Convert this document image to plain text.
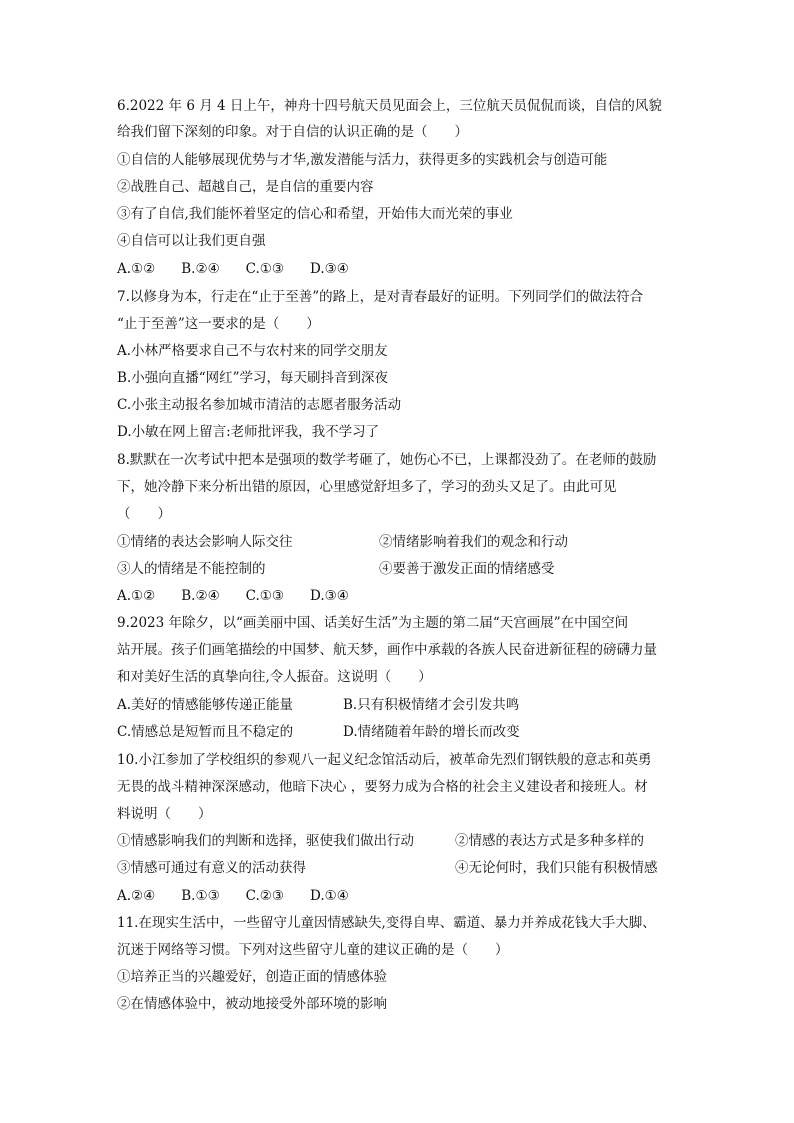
6.2022 年 6 月 4 日上午，神舟十四号航天员见面会上，三位航天员侃侃而谈，自信的风貌
给我们留下深刻的印象。对于自信的认识正确的是（　　）
①自信的人能够展现优势与才华,激发潜能与活力，获得更多的实践机会与创造可能
②战胜自己、超越自己，是自信的重要内容
③有了自信,我们能怀着坚定的信心和希望，开始伟大而光荣的事业
④自信可以让我们更自强
A.①② B.②④ C.①③ D.③④
7.以修身为本，行走在“止于至善”的路上，是对青春最好的证明。下列同学们的做法符合
“止于至善”这一要求的是（　　）
A.小林严格要求自己不与农村来的同学交朋友
B.小强向直播“网红”学习，每天刷抖音到深夜
C.小张主动报名参加城市清洁的志愿者服务活动
D.小敏在网上留言:老师批评我，我不学习了
8.默默在一次考试中把本是强项的数学考砸了，她伤心不已，上课都没劲了。在老师的鼓励
下，她冷静下来分析出错的原因，心里感觉舒坦多了，学习的劲头又足了。由此可见
（　　）
①情绪的表达会影响人际交往	②情绪影响着我们的观念和行动
③人的情绪是不能控制的	④要善于激发正面的情绪感受
A.①② B.②④ C.①③ D.③④
9.2023 年除夕，以“画美丽中国、话美好生活”为主题的第二届“天宫画展”在中国空间
站开展。孩子们画笔描绘的中国梦、航天梦，画作中承载的各族人民奋进新征程的磅礴力量
和对美好生活的真挚向往,令人振奋。这说明（　　）
A.美好的情感能够传递正能量	B.只有积极情绪才会引发共鸣
C.情感总是短暂而且不稳定的	D.情绪随着年龄的增长而改变
10.小江参加了学校组织的参观八一起义纪念馆活动后，被革命先烈们钢铁般的意志和英勇
无畏的战斗精神深深感动，他暗下决心 ，要努力成为合格的社会主义建设者和接班人。材
料说明（　　）
①情感影响我们的判断和选择，驱使我们做出行动	②情感的表达方式是多种多样的
③情感可通过有意义的活动获得	④无论何时，我们只能有积极情感
A.②④ B.①③ C.②③ D.①④
11.在现实生活中，一些留守儿童因情感缺失,变得自卑、霸道、暴力并养成花钱大手大脚、
沉迷于网络等习惯。下列对这些留守儿童的建议正确的是（　　）
①培养正当的兴趣爱好，创造正面的情感体验
②在情感体验中，被动地接受外部环境的影响
